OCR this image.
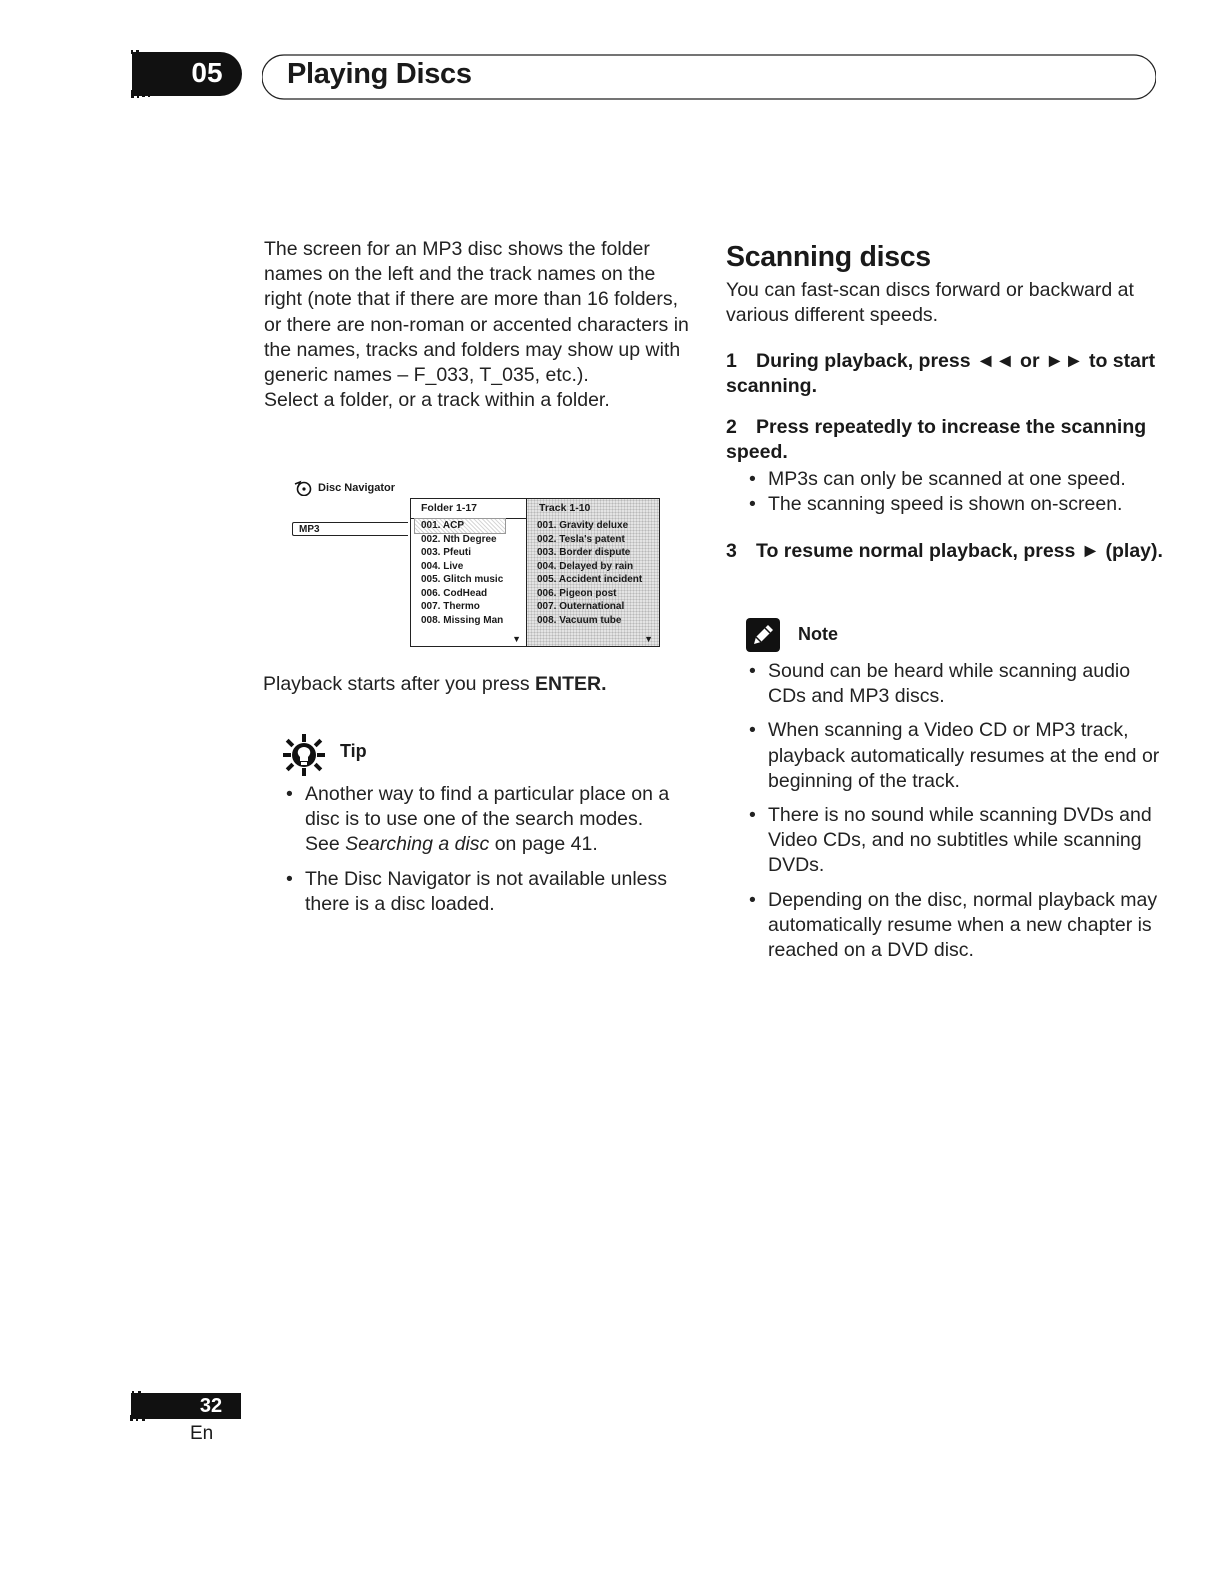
05	Playing Discs

The screen for an MP3 disc shows the folder names on the left and the track names on the right (note that if there are more than 16 folders, or there are non-roman or accented characters in the names, tracks and folders may show up with generic names – F_033, T_035, etc.).

Select a folder, or a track within a folder.

Disc Navigator
MP3
Folder 1-17
001. ACP
002. Nth Degree
003. Pfeuti
004. Live
005. Glitch music
006. CodHead
007. Thermo
008. Missing Man
▼
Track 1-10
001. Gravity deluxe
002. Tesla's patent
003. Border dispute
004. Delayed by rain
005. Accident incident
006. Pigeon post
007. Outernational
008. Vacuum tube
▼
Playback starts after you press ENTER.
Tip
• Another way to find a particular place on a disc is to use one of the search modes. See Searching a disc on page 41.
• The Disc Navigator is not available unless there is a disc loaded.
Scanning discs
You can fast-scan discs forward or backward at various different speeds.
1 During playback, press ◄◄ or ►► to start scanning.
2 Press repeatedly to increase the scanning speed.
• MP3s can only be scanned at one speed.
• The scanning speed is shown on-screen.
3 To resume normal playback, press ► (play).
Note
• Sound can be heard while scanning audio CDs and MP3 discs.
• When scanning a Video CD or MP3 track, playback automatically resumes at the end or beginning of the track.
• There is no sound while scanning DVDs and Video CDs, and no subtitles while scanning DVDs.
• Depending on the disc, normal playback may automatically resume when a new chapter is reached on a DVD disc.
32
En
